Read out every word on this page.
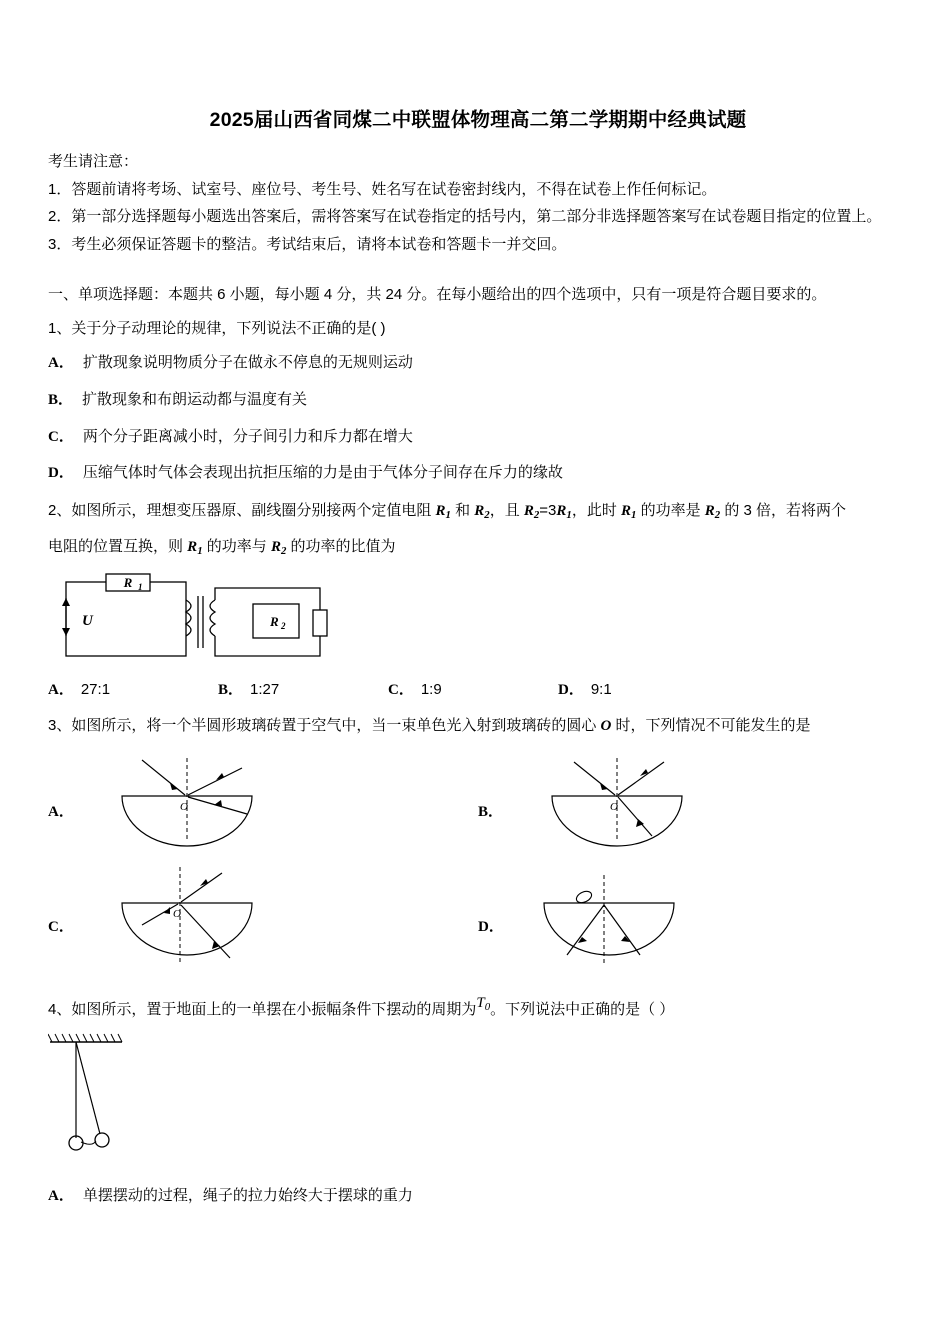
2025届山西省同煤二中联盟体物理高二第二学期期中经典试题
考生请注意：
1．答题前请将考场、试室号、座位号、考生号、姓名写在试卷密封线内，不得在试卷上作任何标记。
2．第一部分选择题每小题选出答案后，需将答案写在试卷指定的括号内，第二部分非选择题答案写在试卷题目指定的位置上。
3．考生必须保证答题卡的整洁。考试结束后，请将本试卷和答题卡一并交回。
一、单项选择题：本题共 6 小题，每小题 4 分，共 24 分。在每小题给出的四个选项中，只有一项是符合题目要求的。
1、关于分子动理论的规律，下列说法不正确的是( )
A． 扩散现象说明物质分子在做永不停息的无规则运动
B． 扩散现象和布朗运动都与温度有关
C． 两个分子距离减小时，分子间引力和斥力都在增大
D． 压缩气体时气体会表现出抗拒压缩的力是由于气体分子间存在斥力的缘故
2、如图所示，理想变压器原、副线圈分别接两个定值电阻 $R_1$ 和 $R_2$，且 $R_2=3R_1$，此时 $R_1$ 的功率是 $R_2$ 的 3 倍，若将两个
电阻的位置互换，则 $R_1$ 的功率与 $R_2$ 的功率的比值为
R 1
U	R 2
A． 27:1	B． 1:27	C． 1:9	D． 9:1
3、如图所示，将一个半圆形玻璃砖置于空气中，当一束单色光入射到玻璃砖的圆心 O 时，下列情况不可能发生的是
A．	O	B．	O
C．
O
D．
4、如图所示，置于地面上的一单摆在小振幅条件下摆动的周期为$T_0$。下列说法中正确的是（ ）
A． 单摆摆动的过程，绳子的拉力始终大于摆球的重力
